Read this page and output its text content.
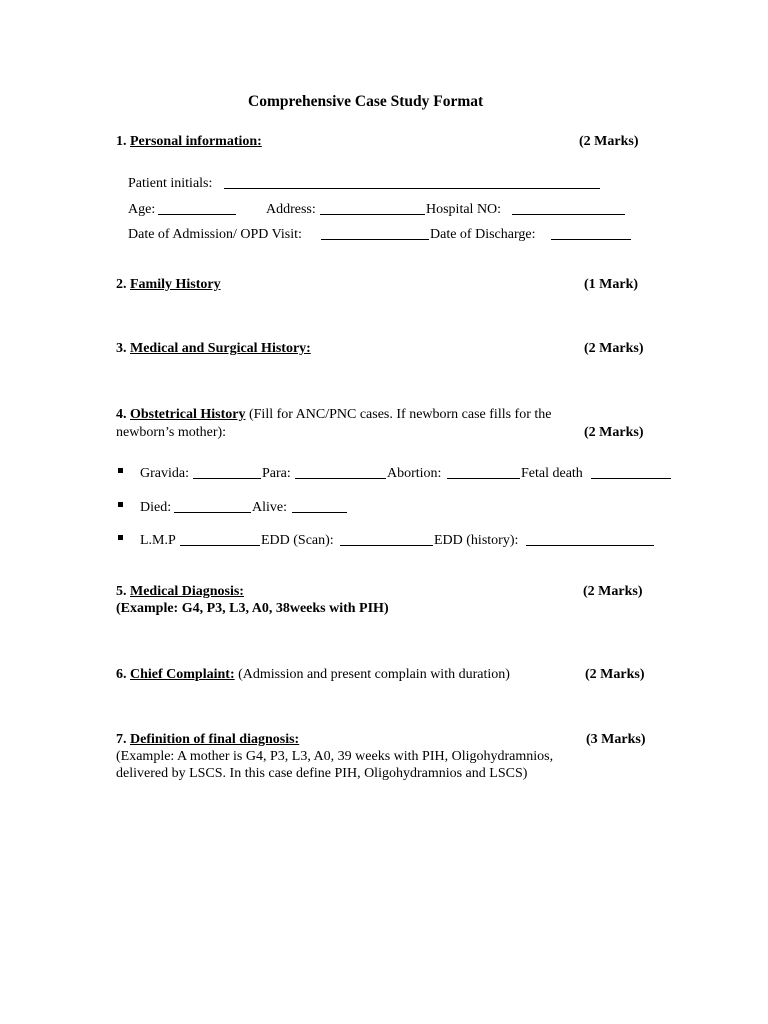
Comprehensive Case Study Format
1. Personal information:	(2 Marks)
Patient initials:
Age:	Address:	Hospital NO:
Date of Admission/ OPD Visit:	Date of Discharge:
2. Family History	(1 Mark)
3. Medical and Surgical History:	(2 Marks)
4. Obstetrical History (Fill for ANC/PNC cases. If newborn case fills for the
newborn’s mother):	(2 Marks)
Gravida:	Para:	Abortion:	Fetal death
Died:	Alive:
L.M.P	EDD (Scan):	EDD (history):
5. Medical Diagnosis:	(2 Marks)
(Example: G4, P3, L3, A0, 38weeks with PIH)
6. Chief Complaint: (Admission and present complain with duration)	(2 Marks)
7. Definition of final diagnosis:	(3 Marks)
(Example: A mother is G4, P3, L3, A0, 39 weeks with PIH, Oligohydramnios,
delivered by LSCS. In this case define PIH, Oligohydramnios and LSCS)
